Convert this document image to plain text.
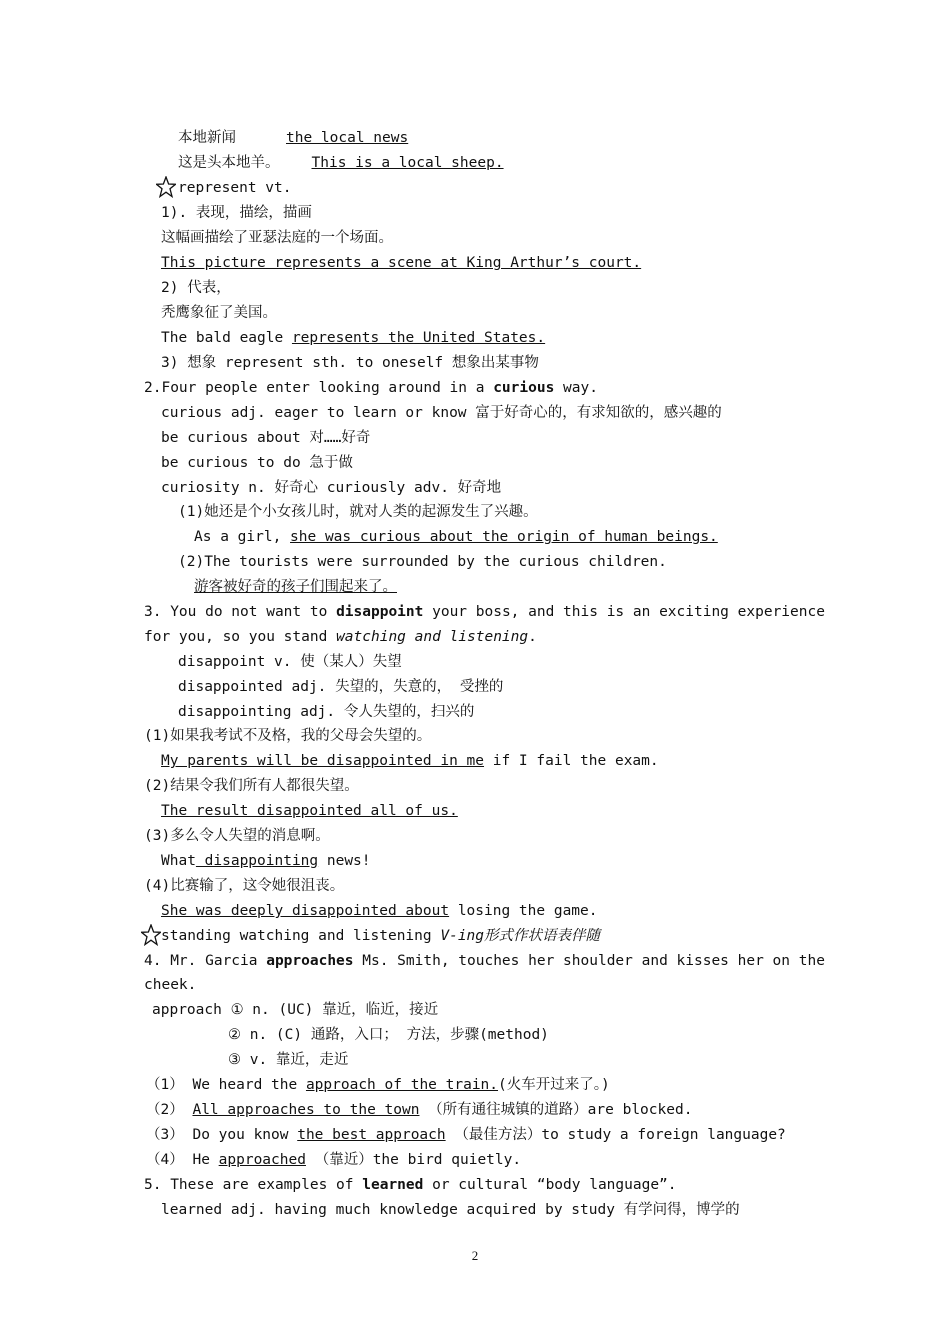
本地新闻	the local news
这是头本地羊。 This is a local sheep.
represent vt.
1). 表现，描绘，描画
这幅画描绘了亚瑟法庭的一个场面。
This picture represents a scene at King Arthur’s court.
2) 代表，
秃鹰象征了美国。
The bald eagle represents the United States.
3) 想象 represent sth. to oneself 想象出某事物
2.Four people enter looking around in a curious way.
curious adj. eager to learn or know 富于好奇心的，有求知欲的，感兴趣的
be curious about 对……好奇
be curious to do 急于做
curiosity n. 好奇心 curiously adv. 好奇地
(1)她还是个小女孩儿时，就对人类的起源发生了兴趣。
As a girl, she was curious about the origin of human beings.
(2)The tourists were surrounded by the curious children.
游客被好奇的孩子们围起来了。
3. You do not want to disappoint your boss, and this is an exciting experience
for you, so you stand watching and listening.
disappoint v. 使（某人）失望
disappointed adj. 失望的，失意的， 受挫的
disappointing adj. 令人失望的，扫兴的
(1)如果我考试不及格，我的父母会失望的。
My parents will be disappointed in me if I fail the exam.
(2)结果令我们所有人都很失望。
The result disappointed all of us.
(3)多么令人失望的消息啊。
What disappointing news!
(4)比赛输了，这令她很沮丧。
She was deeply disappointed about losing the game.
standing watching and listening V-ing形式作状语表伴随
4. Mr. Garcia approaches Ms. Smith, touches her shoulder and kisses her on the
cheek.
approach ① n. (UC) 靠近，临近，接近
② n. (C) 通路，入口； 方法，步骤(method)
③ v. 靠近，走近
（1） We heard the approach of the train.(火车开过来了。)
（2） All approaches to the town （所有通往城镇的道路）are blocked.
（3） Do you know the best approach （最佳方法）to study a foreign language?
（4） He approached （靠近）the bird quietly.
5. These are examples of learned or cultural “body language”.
learned adj. having much knowledge acquired by study 有学问得，博学的
2
